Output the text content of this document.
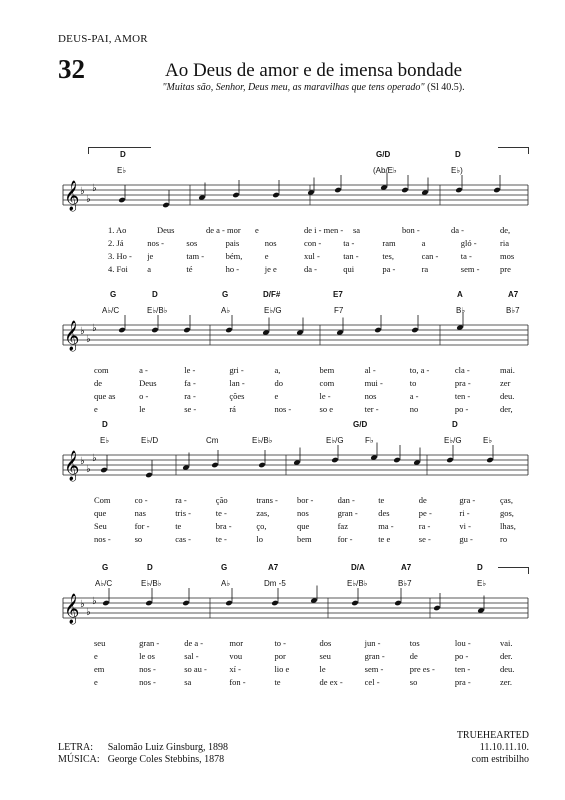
DEUS-PAI, AMOR
32	Ao Deus de amor e de imensa bondade
"Muitas são, Senhor, Deus meu, as maravilhas que tens operado" (Sl 40.5).
D	G/D	D
E♭	(Ab/E♭	E♭)
1. Ao	Deus	de a - mor e	de i - men - sa	bon -	da -	de,
2. Já	nos -	sos	pais	nos	con -	ta -	ram	a	gló -	ria
3. Ho - je	tam -	bém,	e	xul -	tan -	tes,	can -	ta -	mos
4. Foi a	té	ho -	je e	da -	qui	pa -	ra	sem - pre
G	D	G	D/F#	E7	A	A7
A♭/C	E♭/B♭	A♭	E♭/G	F7	B♭	B♭7
com	a -	le -	gri -	a,	bem	al -	to, a -	cla -	mai.
de	Deus	fa -	lan -	do	com	mui -	to	pra -	zer
que as	o -	ra -	ções	e	le -	nos	a -	ten -	deu.
e	le	se -	rá	nos -	so e	ter -	no	po -	der,
D	G/D	D
E♭	E♭/D	Cm	E♭/B♭	E♭/G	F♭	E♭/G	E♭
Com	co -	ra -	ção	trans - bor -	dan -	te	de	gra -	ças,
que	nas	tris -	te -	zas,	nos	gran - des	pe -	ri -	gos,
Seu	for -	te	bra -	ço,	que	faz	ma -	ra -	vi -	lhas,
nos -	so	cas -	te -	lo	bem	for -	te e	se -	gu -	ro
G	D	G	A7	D/A	A7	D
A♭/C	E♭/B♭	A♭	Dm -5	E♭/B♭	B♭7	E♭
seu	gran -	de a -	mor	to -	dos	jun -	tos	lou -	vai.
e	le os	sal -	vou	por	seu	gran -	de	po -	der.
em	nos -	so au -	xí -	lio e	le	sem -	pre es - ten -	deu.
e	nos -	sa	fon -	te	de ex -	cel -	so	pra -	zer.
𝄞 ♭
♭
♭
𝄞 ♭
♭
♭
𝄞 ♭
♭
♭
𝄞 ♭
♭
♭
LETRA:	Salomão Luiz Ginsburg, 1898
MÚSICA:	George Coles Stebbins, 1878
TRUEHEARTED
11.10.11.10.
com estribilho
